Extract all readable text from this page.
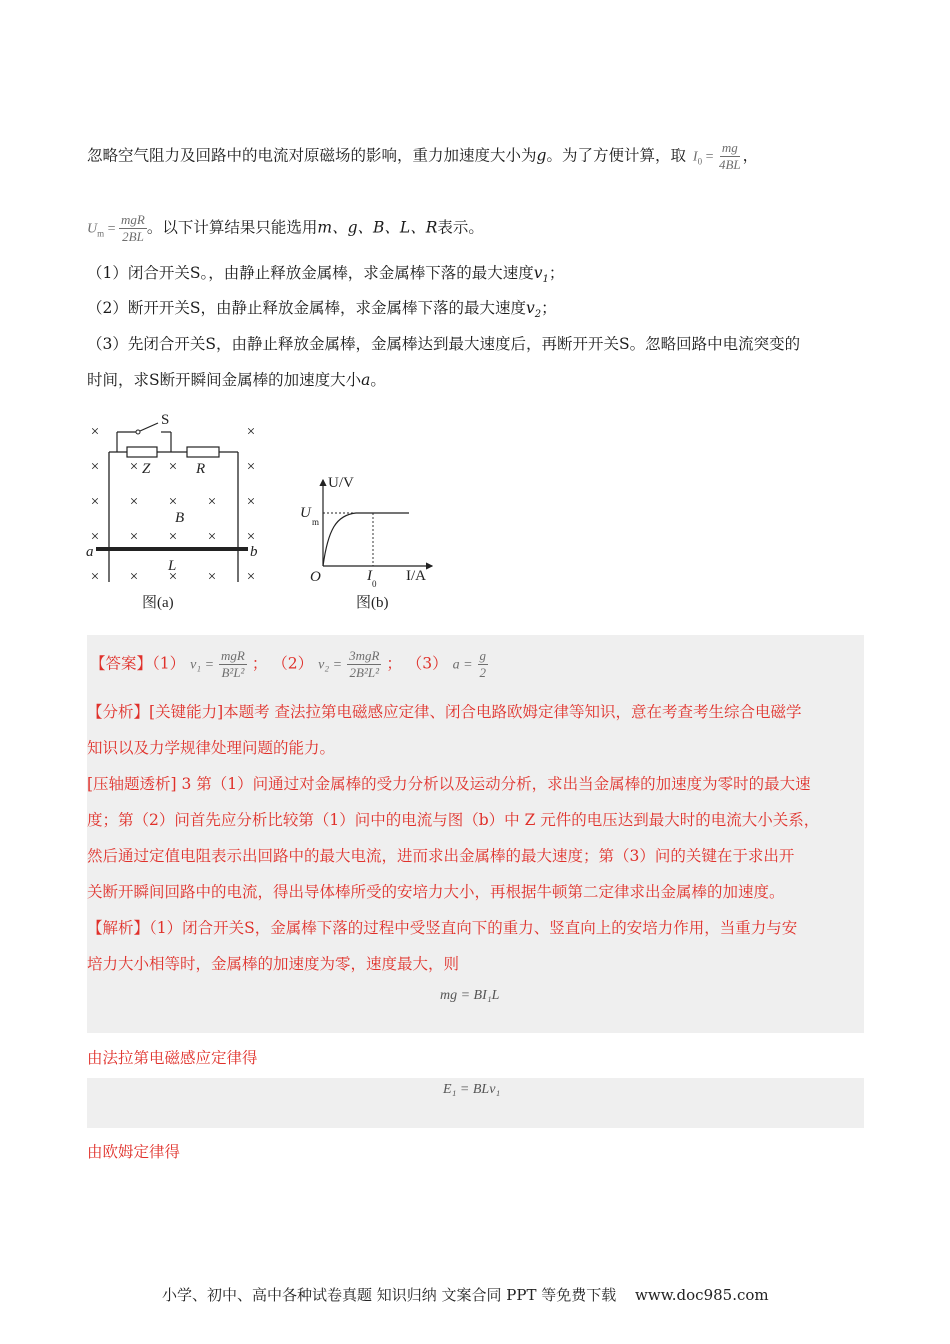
忽略空气阻力及回路中的电流对原磁场的影响，重力加速度大小为g。为了方便计算，取 $I_0 = \frac{mg}{4BL}$ ，
$U_m = \frac{\text{mgR}}{2BL}$ 。以下计算结果只能选用m、g、B、L、R表示。
（1）闭合开关S。，由静止释放金属棒，求金属棒下落的最大速度$v_1$；
（2）断开开关S，由静止释放金属棒，求金属棒下落的最大速度$v_2$；
（3）先闭合开关S，由静止释放金属棒，金属棒达到最大速度后，再断开开关S。忽略回路中电流突变的
时间，求S断开瞬间金属棒的加速度大小a。
×	×
× × ×	×
× × × × ×
× × × × ×
× × × × ×
S
Z	R
B
a	b
L
图(a)
U/V
I/A
O
U
m
I 0
图(b)
【答案】（1） $v_1 = \frac{\text{mgR}}{\text{B²L²}}$ ； （2） $v_2 = \frac{\text{3mgR}}{\text{2B²L²}}$ ； （3） $a = \frac{g}{2}$
【分析】[关键能力]本题考 查法拉第电磁感应定律、闭合电路欧姆定律等知识，意在考查考生综合电磁学
知识以及力学规律处理问题的能力。
[压轴题透析] 3 第（1）问通过对金属棒的受力分析以及运动分析，求出当金属棒的加速度为零时的最大速
度；第（2）问首先应分析比较第（1）问中的电流与图（b）中 Z 元件的电压达到最大时的电流大小关系，
然后通过定值电阻表示出回路中的最大电流，进而求出金属棒的最大速度；第（3）问的关键在于求出开
关断开瞬间回路中的电流，得出导体棒所受的安培力大小，再根据牛顿第二定律求出金属棒的加速度。
【解析】（1）闭合开关S，金属棒下落的过程中受竖直向下的重力、竖直向上的安培力作用，当重力与安
培力大小相等时，金属棒的加速度为零，速度最大，则
mg = BI₁L
由法拉第电磁感应定律得
E₁ = BLv₁
由欧姆定律得
小学、初中、高中各种试卷真题 知识归纳 文案合同 PPT 等免费下载 www.doc985.com
